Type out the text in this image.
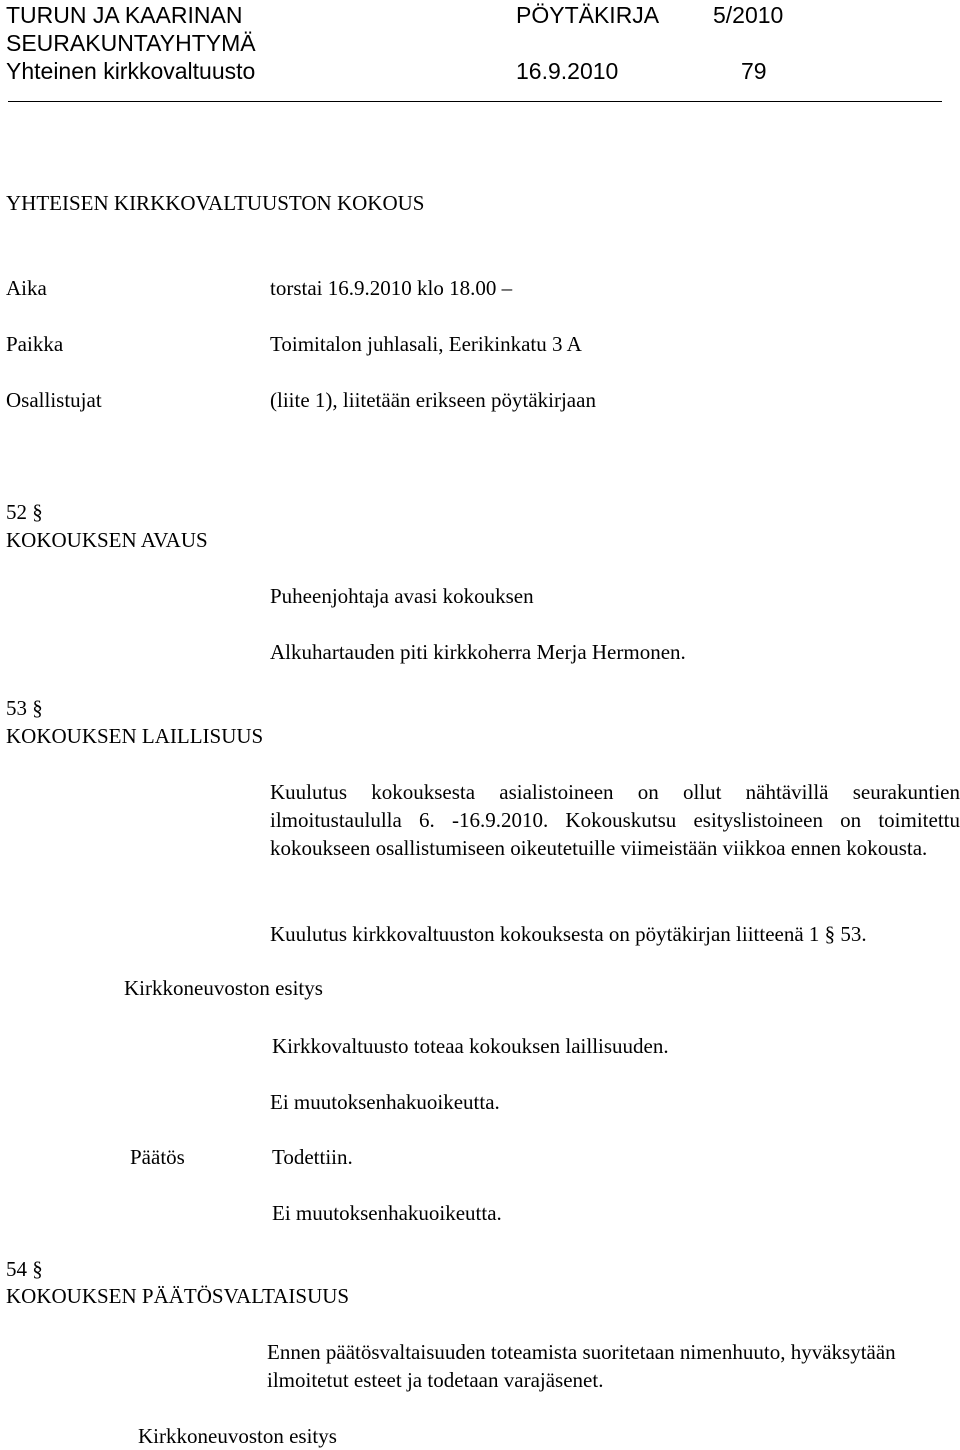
TURUN JA KAARINAN
SEURAKUNTAYHTYMÄ
Yhteinen kirkkovaltuusto
PÖYTÄKIRJA 5/2010
16.9.2010	79
YHTEISEN KIRKKOVALTUUSTON KOKOUS
Aika	torstai 16.9.2010 klo 18.00 –
Paikka	Toimitalon juhlasali, Eerikinkatu 3 A
Osallistujat	(liite 1), liitetään erikseen pöytäkirjaan
52 §
KOKOUKSEN AVAUS
Puheenjohtaja avasi kokouksen
Alkuhartauden piti kirkkoherra Merja Hermonen.
53 §
KOKOUKSEN LAILLISUUS
Kuulutus kokouksesta asialistoineen on ollut nähtävillä seurakuntien ilmoitustaululla 6. -16.9.2010. Kokouskutsu esityslistoineen on toimitettu kokoukseen osallistumiseen oikeutetuille viimeistään viikkoa ennen kokousta.
Kuulutus kirkkovaltuuston kokouksesta on pöytäkirjan liitteenä 1 § 53.
Kirkkoneuvoston esitys
Kirkkovaltuusto toteaa kokouksen laillisuuden.
Ei muutoksenhakuoikeutta.
Päätös	Todettiin.
Ei muutoksenhakuoikeutta.
54 §
KOKOUKSEN PÄÄTÖSVALTAISUUS
Ennen päätösvaltaisuuden toteamista suoritetaan nimenhuuto, hyväksytään ilmoitetut esteet ja todetaan varajäsenet.
Kirkkoneuvoston esitys
